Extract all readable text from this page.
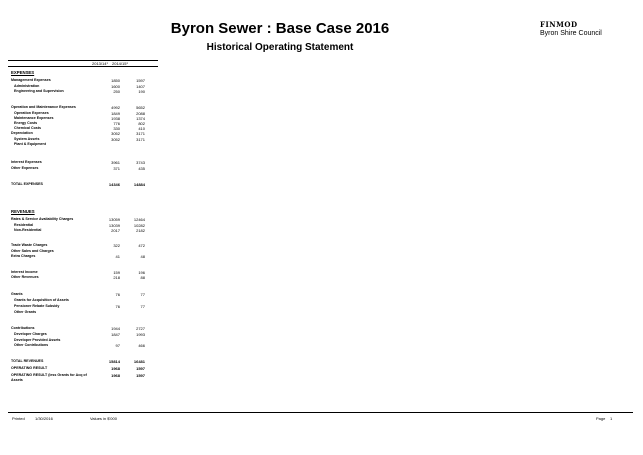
Byron Sewer : Base Case 2016
Historical Operating Statement
FINMOD
Byron Shire Council
2013/14¹ 2014/15¹
EXPENSES
Management Expenses	1850	1597
Administration	1600	1407
Engineering and Supervision	250	190
Operation and Maintenance Expenses	4992	5652
Operation Expenses	1849	2088
Maintenance Expenses	1938	1374
Energy Costs	776	802
Chemical Costs	330	410
Depreciation	3052	3171
System Assets	3052	3171
Plant & Equipment
Interest Expenses	3961	3743
Other Expenses	371	435
TOTAL EXPENSES	14346	14884
REVENUES
Rates & Service Availability Charges	13059	12464
Residential	13039	10282
Non-Residential	2017	2182
Trade Waste Charges	322	472
Other Sales and Charges
Extra Charges	41	48
Interest Income	159	196
Other Revenues	218	88
Grants	76	77
Grants for Acquisition of Assets
Pensioner Rebate Subsidy	76	77
Other Grants
Contributions	1944	2727
Developer Charges	1847	1993
Developer Provided Assets
Other Contributions	97	466
TOTAL REVENUES	15814	16481
OPERATING RESULT	1968	1597
OPERATING RESULT (less Grants for Acq of	1968	1597
Assets
Printed	1/30/2016	Values in $'000	Page 1
